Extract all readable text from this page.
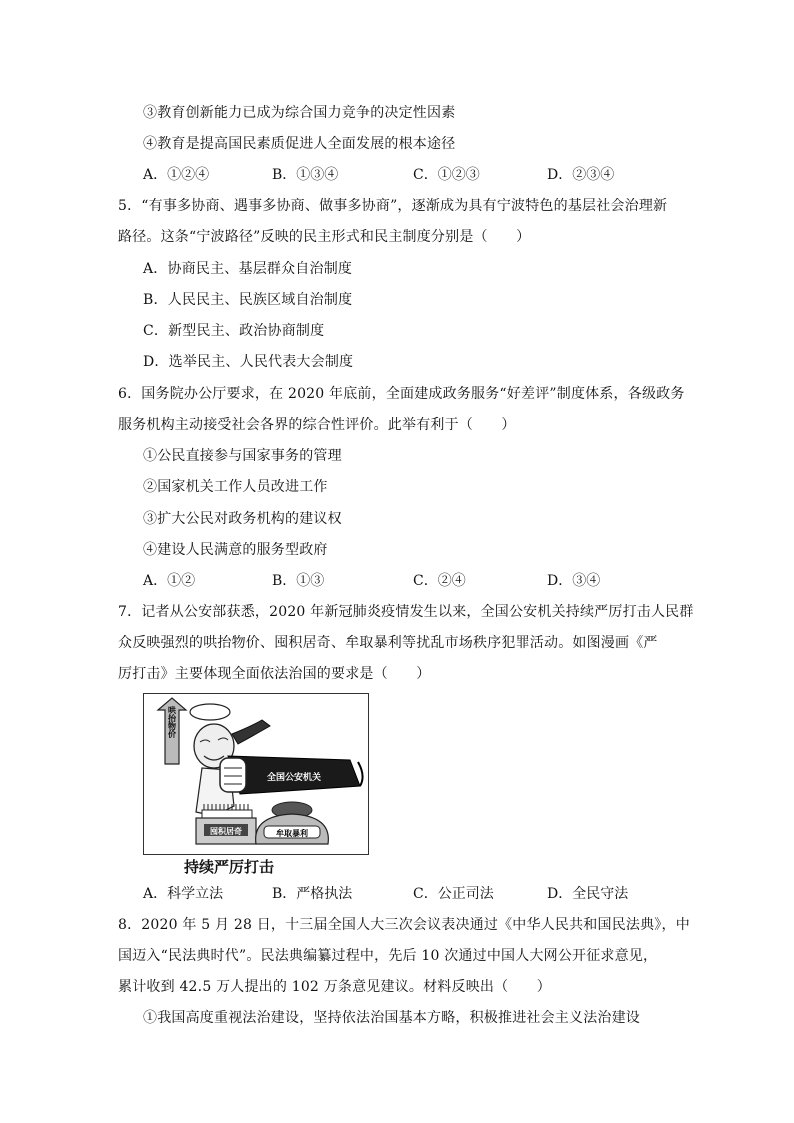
③教育创新能力已成为综合国力竞争的决定性因素
④教育是提高国民素质促进人全面发展的根本途径
A．①②④	B．①③④	C．①②③	D．②③④
5．“有事多协商、遇事多协商、做事多协商”，逐渐成为具有宁波特色的基层社会治理新
路径。这条“宁波路径”反映的民主形式和民主制度分别是（　　）
A．协商民主、基层群众自治制度
B．人民民主、民族区域自治制度
C．新型民主、政治协商制度
D．选举民主、人民代表大会制度
6．国务院办公厅要求，在 2020 年底前，全面建成政务服务“好差评”制度体系，各级政务
服务机构主动接受社会各界的综合性评价。此举有利于（　　）
①公民直接参与国家事务的管理
②国家机关工作人员改进工作
③扩大公民对政务机构的建议权
④建设人民满意的服务型政府
A．①②	B．①③	C．②④	D．③④
7．记者从公安部获悉，2020 年新冠肺炎疫情发生以来，全国公安机关持续严厉打击人民群
众反映强烈的哄抬物价、囤积居奇、牟取暴利等扰乱市场秩序犯罪活动。如图漫画《严
厉打击》主要体现全面依法治国的要求是（　　）
哄抬物价
全国公安机关
囤积居奇	牟取暴利
持续严厉打击
A．科学立法	B．严格执法	C．公正司法	D．全民守法
8．2020 年 5 月 28 日，十三届全国人大三次会议表决通过《中华人民共和国民法典》，中
国迈入“民法典时代”。民法典编纂过程中，先后 10 次通过中国人大网公开征求意见，
累计收到 42.5 万人提出的 102 万条意见建议。材料反映出（　　）
①我国高度重视法治建设，坚持依法治国基本方略，积极推进社会主义法治建设
